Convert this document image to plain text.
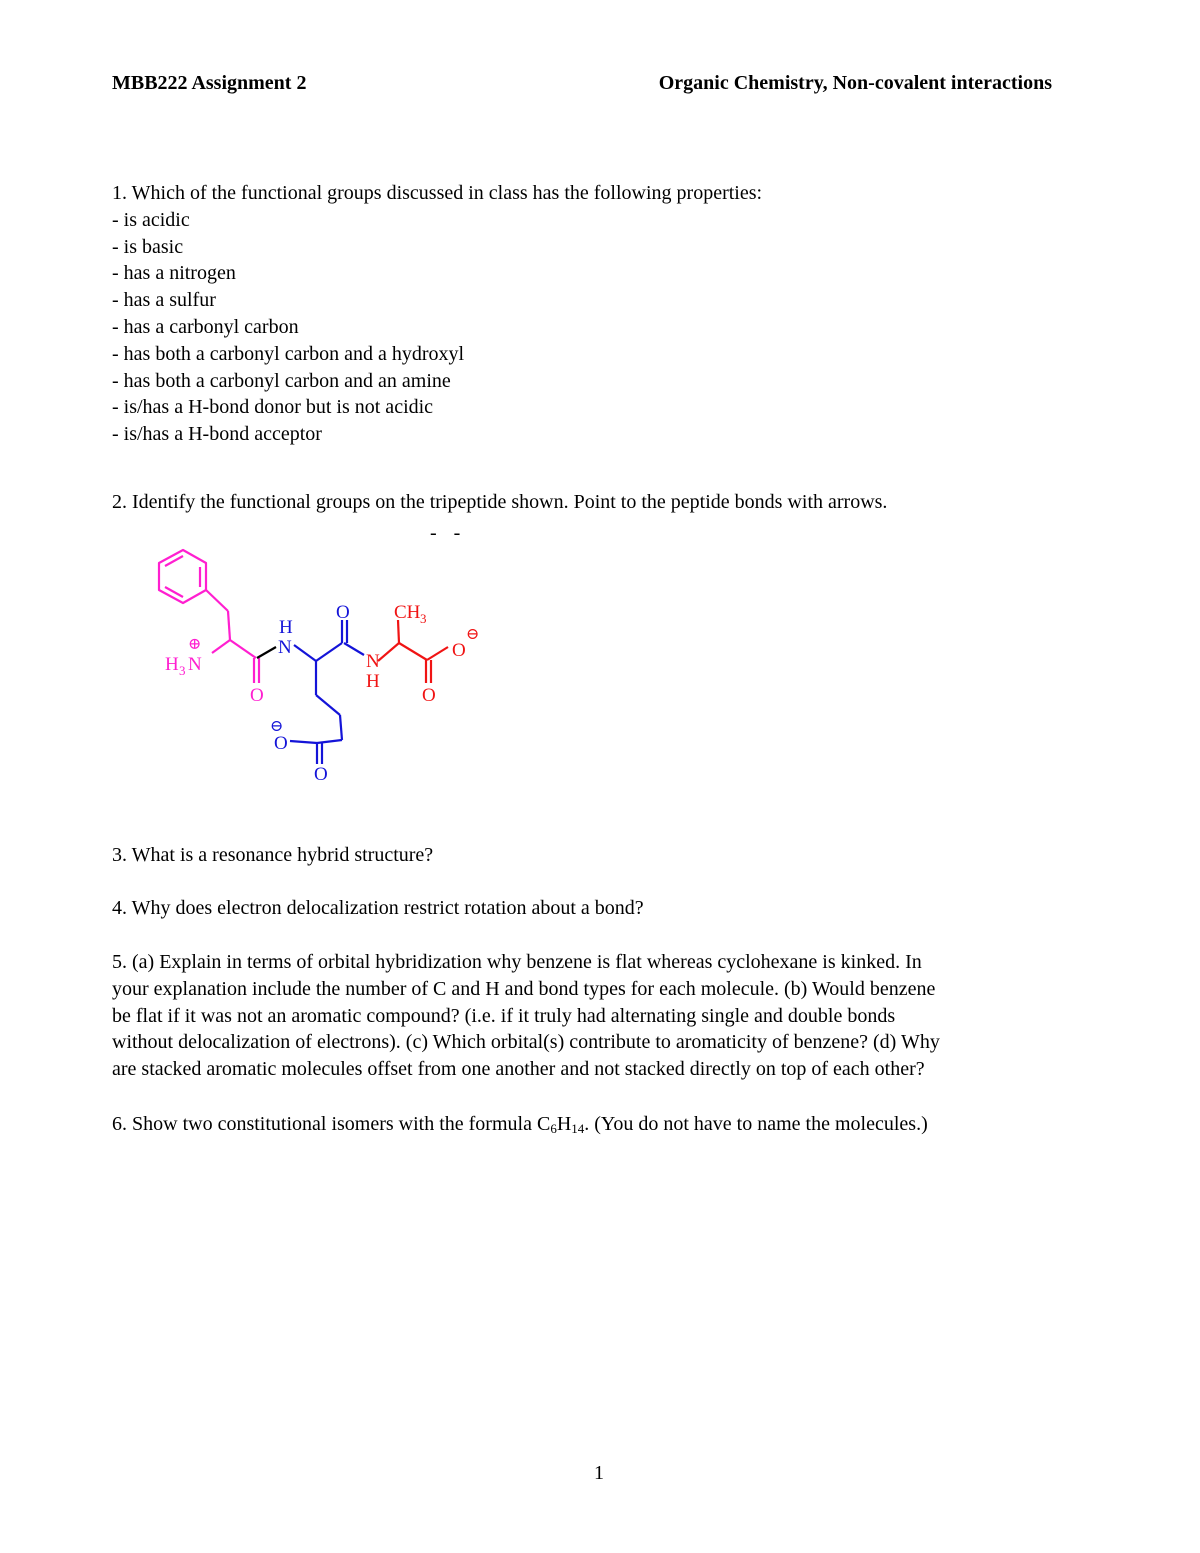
MBB222 Assignment 2	Organic Chemistry, Non-covalent interactions
1. Which of the functional groups discussed in class has the following properties:
- is acidic
- is basic
- has a nitrogen
- has a sulfur
- has a carbonyl carbon
- has both a carbonyl carbon and a hydroxyl
- has both a carbonyl carbon and an amine
- is/has a H-bond donor but is not acidic
- is/has a H-bond acceptor
2. Identify the functional groups on the tripeptide shown. Point to the peptide bonds with arrows.
- -
⊕
H 3 N
O
H
N
O
⊖
O
O
N
H
CH 3
O
⊖
O
3. What is a resonance hybrid structure?
4. Why does electron delocalization restrict rotation about a bond?
5. (a) Explain in terms of orbital hybridization why benzene is flat whereas cyclohexane is kinked. In
your explanation include the number of C and H and bond types for each molecule. (b) Would benzene
be flat if it was not an aromatic compound? (i.e. if it truly had alternating single and double bonds
without delocalization of electrons). (c) Which orbital(s) contribute to aromaticity of benzene? (d) Why
are stacked aromatic molecules offset from one another and not stacked directly on top of each other?
6. Show two constitutional isomers with the formula $C_6H_{14}$. (You do not have to name the molecules.)
1
